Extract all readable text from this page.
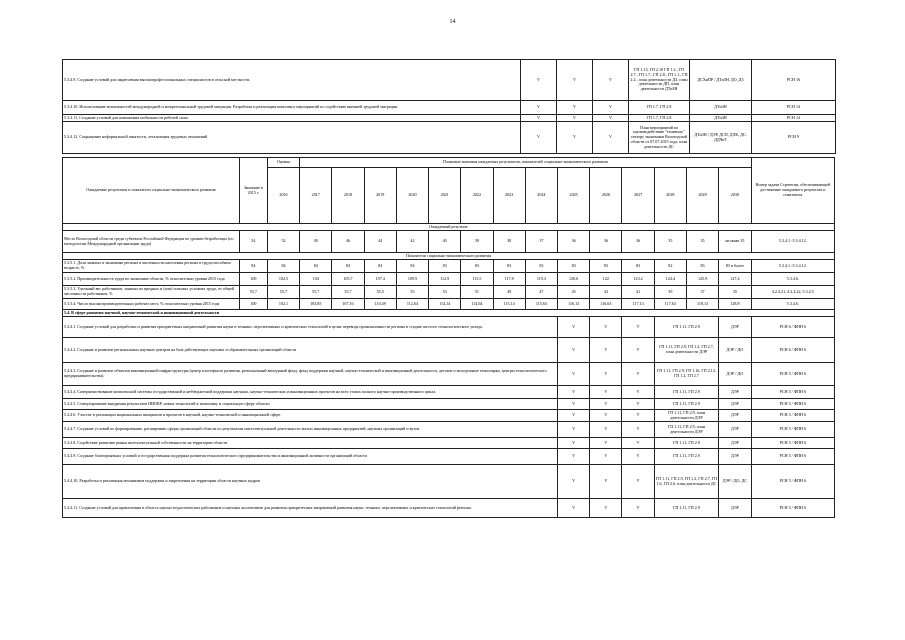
14
5.3.4.9. Создание условий для закрепления высокопрофессиональных специалистов в сельской местности.	V	V	V	ГП 1.13, ГП 2.10 ГП 1.2., ГП 2.7., ГП 1.7., ГП 2.8., ГП 1.1., ГП 2.2., план деятельности ДЗ, план деятельности ДП, план деятельности ДТиЗН	ДСХиПР / ДТиЗН, ДО, ДЗ	РСН 16
5.3.4.10. Использование возможностей международной и межрегиональной трудовой миграции. Разработка и реализация комплекса мероприятий по содействию внешней трудовой миграции.	V	V	V	ГП 1.7, ГП 2.8	ДТиЗН	РСН 14
5.3.4.11. Создание условий для повышения мобильности рабочей силы	V	V	V	ГП 1.7, ГП 2.8	ДТиЗН	РСН 14
5.3.4.12. Сокращение неформальной занятости, легализация трудовых отношений	V	V	V	План мероприятий по противодействию "теневому" сектору экономики Вологодской области от 07.07.2015 года, план деятельности ДС	ДТиЗН / ДЭР, ДСП, ДЛК, ДС, ДДЧиТ	РСН 9
Ожидаемые результаты и показатели социально-экономического развития	Значение в 2015 г.	Оценка	Плановые значения ожидаемых результатов, показателей социально-экономического развития														Номер задачи Стратегии, обеспечивающей достижение ожидаемого результата и показателя
		2016	2017	2018	2019	2020	2021	2022	2023	2024	2025	2026	2027	2028	2029	2030	
Ожидаемый результат																	
Место Вологодской области среди субъектов Российской Федерации по уровню безработицы (по методологии Международной организации труда)	54	52	49	46	44	42	40	39	38	37	36	36	36	35	35	не ниже 35	5.3.4.1.-5.3.4.12.
Показатели социально-экономического развития																	
5.3.5.1. Доля занятых в экономике региона в численности населения региона в трудоспособном возрасте, %	84	84	84	84	84	84	83	83	83	83	83	83	83	82	83	83 и более	5.3.4.1.-5.3.4.12.
5.3.5.2. Производительность труда по экономике области, % относительно уровня 2015 года	100	102,5	104	105,7	107,4	109,9	112,9	115,5	117,8	119,3	120,6	122	123,2	124,4	125,9	127,4	5.3.4.6.
5.3.5.3. Удельный вес работников, занятых во вредных и (или) опасных условиях труда, от общей численности работников, %	55,7	55,7	55,7	55,7	55,5	55	53	51	49	47	45	43	41	39	37	35	4.2.4.21, 4.2.4.22, 5.3.4.5
5.3.5.4. Число высокопроизводительных рабочих мест, % относительно уровня 2015 года	100	102,1	103,85	107,16	110,49	112,64	114,14	114,64	115,14	115,63	116,13	116,63	117,13	117,63	118,13	128,8	5.3.4.6.
5.4. В сфере развития научной, научно-технической и инновационной деятельности																	
5.4.4.1. Создание условий для разработки и развития приоритетных направлений развития науки и техники, перспективных и критических технологий в целях перевода промышленности региона в стадию шестого технологического уклада.											V	V	V	ГП 1.11, ГП 2.9		ДЭР	РСН 6 / ФПН 6
5.4.4.2. Создание и развитие региональных научных центров на базе действующих научных и образовательных организаций области											V	V	V	ГП 1.11, ГП 2.9, ГП 1.2, ГП 2.7, план деятельности ДЭР		ДЭР / ДО	РСН 6 / ФПН 6
5.4.4.3. Создание и развитие объектов инновационной инфраструктуры (центр кластерного развития, региональный венчурный фонд, фонд поддержки научной, научно-технической и инновационной деятельности, детские и молодежные технопарки, центры технологического предпринимательства).											V	V	V	ГП 1.11, ГП 2.9, ГП 1.16, ГП 2.12, ГП 1.2, ГП 2.7		ДЭР / ДО	РСН 5 / ФПН 6
5.4.4.4. Совершенствование комплексной системы государственной и неббюджетной поддержки научных, научно-технических и инновационных проектов на всех этапах полного научно-производственного цикла.											V	V	V	ГП 1.11, ГП 2.9		ДЭР	РСН 5 / ФПН 6
5.4.4.5. Стимулирование внедрения результатов НИОКР, новых технологий в экономику и социальную сферу области											V	V	V	ГП 1.11, ГП 2.9		ДЭР	РСН 5 / ФПН 6
5.4.4.6. Участие в реализации национальных инициатив и проектов в научной, научно-технической и инновационной сфере.											V	V	V	ГП 1.11, ГП 2.9, план деятельности ДЭР		ДЭР	РСН 5 / ФПН 6
5.4.4.7. Создание условий по формированию, расширению сферы организаций области по результатам интеллектуальной деятельности малых инновационных предприятий, научных организаций и вузов.											V	V	V	ГП 1.11, ГП 2.9, план деятельности ДЭР		ДЭР	РСН 5 / ФПН 6
5.4.4.8. Содействие развитию рынка интеллектуальной собственности на территории области											V	V	V	ГП 1.11, ГП 2.9		ДЭР	РСН 5 / ФПН 6
5.4.4.9. Создание благоприятных условий и государственная поддержка развития технологического предпринимательства и инновационной активности организаций области											V	V	V	ГП 1.11, ГП 2.9		ДЭР	РСН 5 / ФПН 6
5.4.4.10. Разработка и реализация механизмов поддержки и закрепления на территории области научных кадров											V	V	V	ГП 1.11, ГП 2.9, ГП 1.2, ГП 2.7, ГП 1.6, ГП 2.6, план деятельности ДС		ДЭР / ДО, ДС	РСН 5 / ФПН 6
5.4.4.11. Создание условий для привлечения в область научно-педагогических работников и научных коллективов для развития приоритетных направлений развития науки, техники, перспективных и критических технологий региона.											V	V	V	ГП 1.11, ГП 2.9		ДЭР	РСН 5 / ФПН 6
